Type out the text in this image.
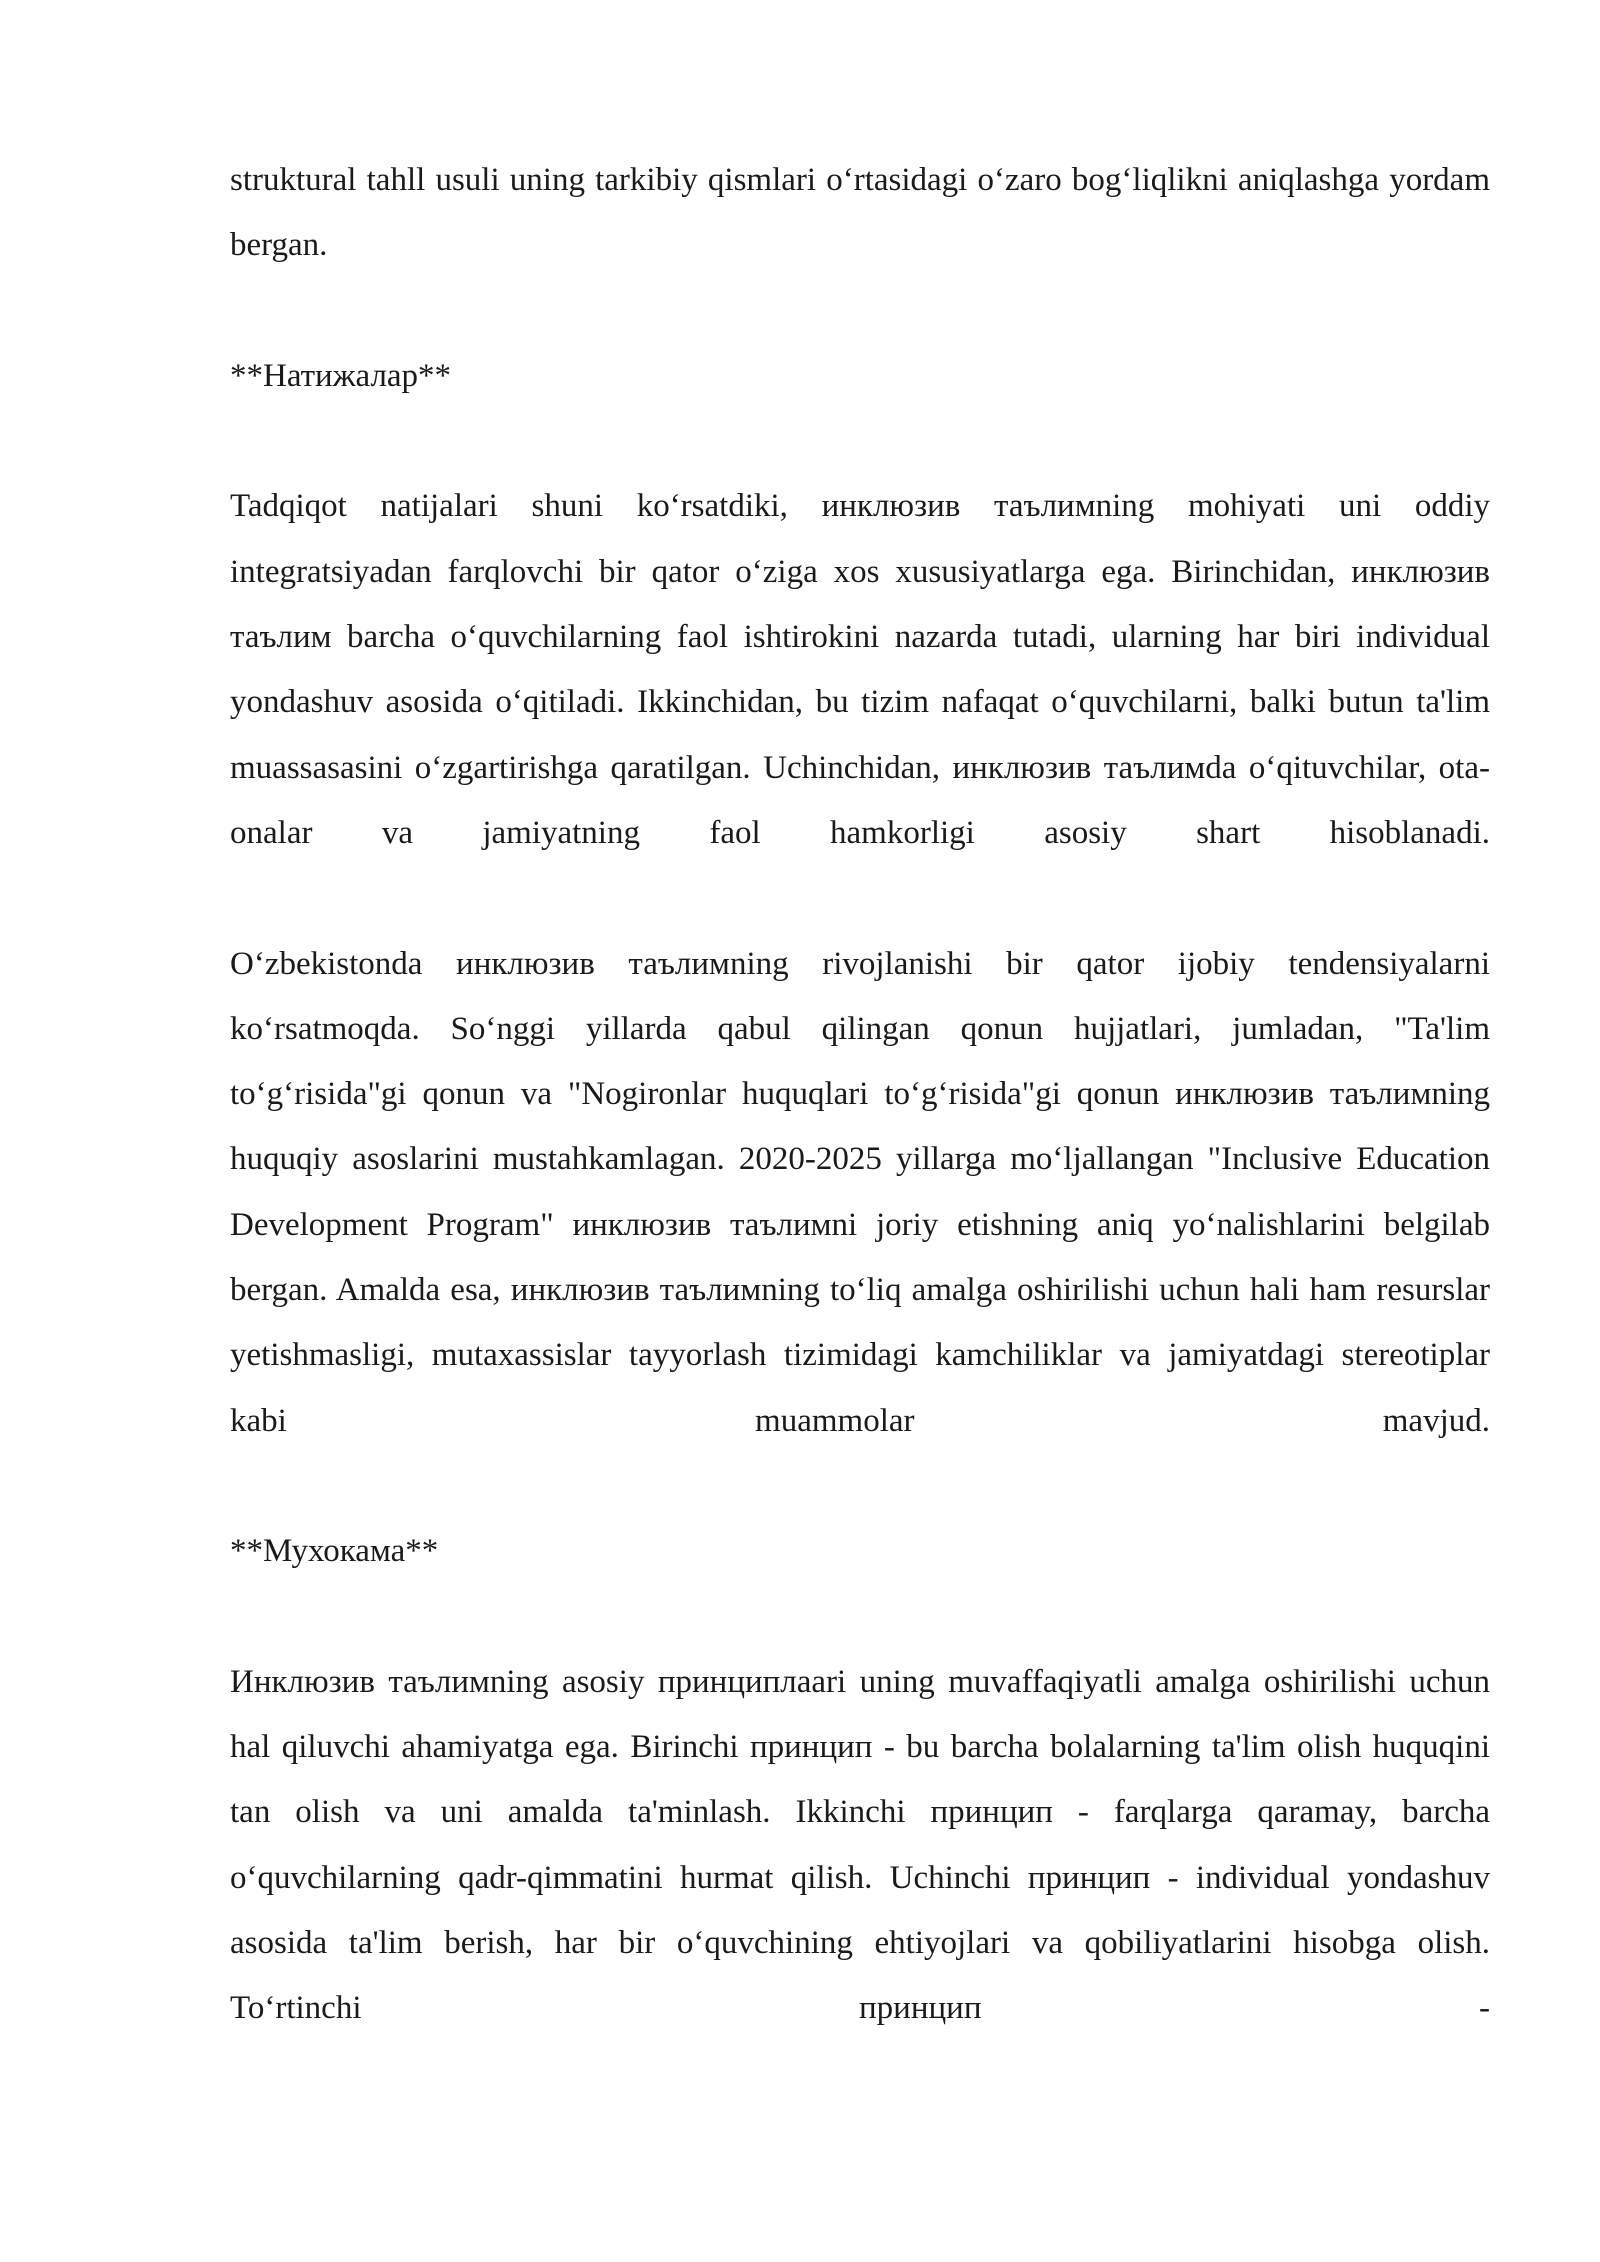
struktural tahll usuli uning tarkibiy qismlari o‘rtasidagi o‘zaro bog‘liqlikni aniqlashga yordam bergan.

**Натижалар**

Tadqiqot natijalari shuni ko‘rsatdiki, инклюзив таълимning mohiyati uni oddiy integratsiyadan farqlovchi bir qator o‘ziga xos xususiyatlarga ega. Birinchidan, инклюзив таълим barcha o‘quvchilarning faol ishtirokini nazarda tutadi, ularning har biri individual yondashuv asosida o‘qitiladi. Ikkinchidan, bu tizim nafaqat o‘quvchilarni, balki butun ta'lim muassasasini o‘zgartirishga qaratilgan. Uchinchidan, инклюзив таълимda o‘qituvchilar, ota-onalar va jamiyatning faol hamkorligi asosiy shart hisoblanadi.

O‘zbekistonda инклюзив таълимning rivojlanishi bir qator ijobiy tendensiyalarni ko‘rsatmoqda. So‘nggi yillarda qabul qilingan qonun hujjatlari, jumladan, "Ta'lim to‘g‘risida"gi qonun va "Nogironlar huquqlari to‘g‘risida"gi qonun инклюзив таълимning huquqiy asoslarini mustahkamlagan. 2020-2025 yillarga mo‘ljallangan "Inclusive Education Development Program" инклюзив таълимni joriy etishning aniq yo‘nalishlarini belgilab bergan. Amalda esa, инклюзив таълимning to‘liq amalga oshirilishi uchun hali ham resurslar yetishmasligi, mutaxassislar tayyorlash tizimidagi kamchiliklar va jamiyatdagi stereotiplar kabi muammolar mavjud.

**Мухокама**

Инклюзив таълимning asosiy принциплааri uning muvaffaqiyatli amalga oshirilishi uchun hal qiluvchi ahamiyatga ega. Birinchi принцип - bu barcha bolalarning ta'lim olish huquqini tan olish va uni amalda ta'minlash. Ikkinchi принцип - farqlarga qaramay, barcha o‘quvchilarning qadr-qimmatini hurmat qilish. Uchinchi принцип - individual yondashuv asosida ta'lim berish, har bir o‘quvchining ehtiyojlari va qobiliyatlarini hisobga olish. To‘rtinchi принцип -
